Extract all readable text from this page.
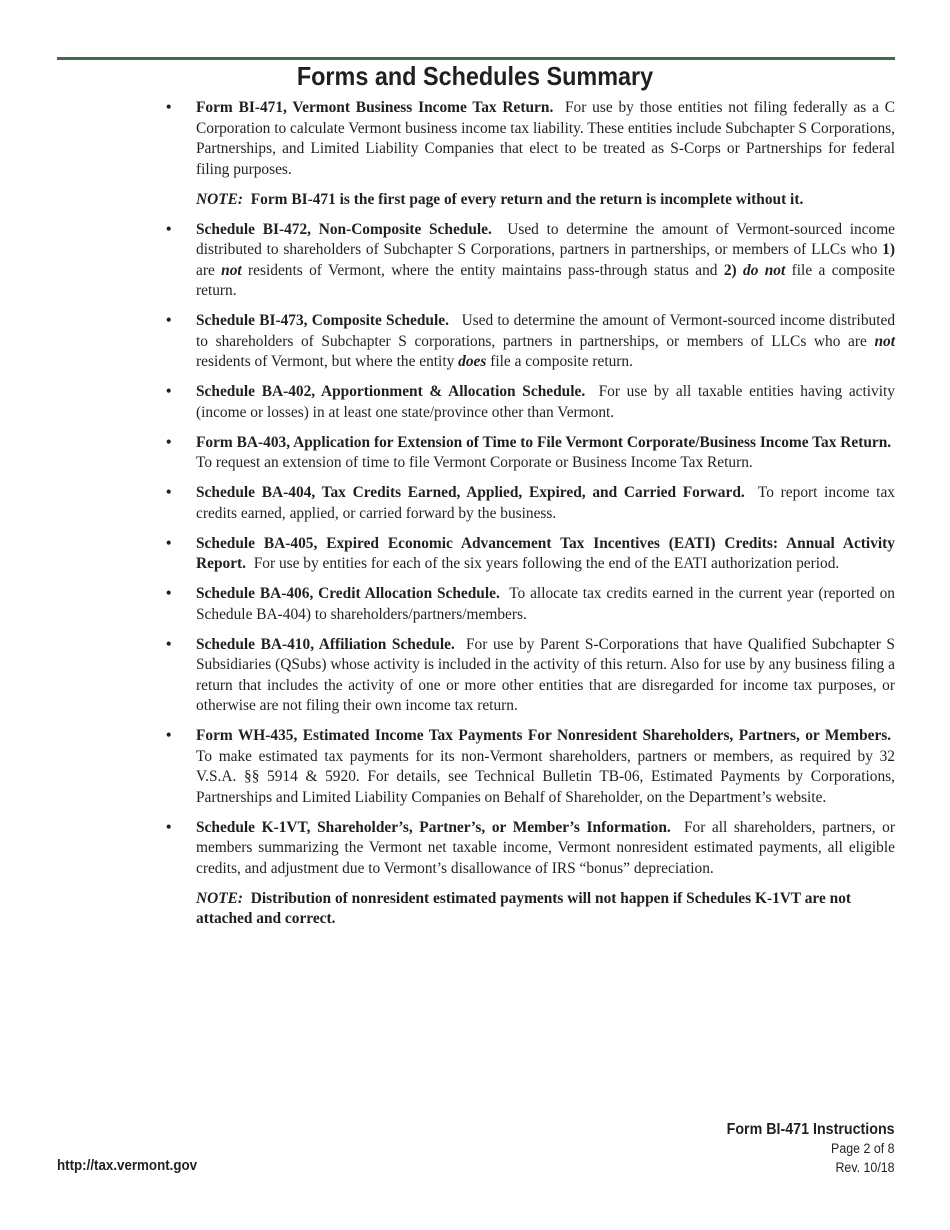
Forms and Schedules Summary
• Form BI-471, Vermont Business Income Tax Return. For use by those entities not filing federally as a C Corporation to calculate Vermont business income tax liability. These entities include Subchapter S Corporations, Partnerships, and Limited Liability Companies that elect to be treated as S-Corps or Partnerships for federal filing purposes.
NOTE: Form BI-471 is the first page of every return and the return is incomplete without it.
• Schedule BI-472, Non-Composite Schedule. Used to determine the amount of Vermont-sourced income distributed to shareholders of Subchapter S Corporations, partners in partnerships, or members of LLCs who 1) are not residents of Vermont, where the entity maintains pass-through status and 2) do not file a composite return.
• Schedule BI-473, Composite Schedule. Used to determine the amount of Vermont-sourced income distributed to shareholders of Subchapter S corporations, partners in partnerships, or members of LLCs who are not residents of Vermont, but where the entity does file a composite return.
• Schedule BA-402, Apportionment & Allocation Schedule. For use by all taxable entities having activity (income or losses) in at least one state/province other than Vermont.
• Form BA-403, Application for Extension of Time to File Vermont Corporate/Business Income Tax Return.  To request an extension of time to file Vermont Corporate or Business Income Tax Return.
• Schedule BA-404, Tax Credits Earned, Applied, Expired, and Carried Forward. To report income tax credits earned, applied, or carried forward by the business.
• Schedule BA-405, Expired Economic Advancement Tax Incentives (EATI) Credits: Annual Activity Report. For use by entities for each of the six years following the end of the EATI authorization period.
• Schedule BA-406, Credit Allocation Schedule. To allocate tax credits earned in the current year (reported on Schedule BA-404) to shareholders/partners/members.
• Schedule BA-410, Affiliation Schedule. For use by Parent S-Corporations that have Qualified Subchapter S Subsidiaries (QSubs) whose activity is included in the activity of this return. Also for use by any business filing a return that includes the activity of one or more other entities that are disregarded for income tax purposes, or otherwise are not filing their own income tax return.
• Form WH-435, Estimated Income Tax Payments For Nonresident Shareholders, Partners, or Members.  To make estimated tax payments for its non-Vermont shareholders, partners or members, as required by 32 V.S.A. §§ 5914 & 5920. For details, see Technical Bulletin TB-06, Estimated Payments by Corporations, Partnerships and Limited Liability Companies on Behalf of Shareholder, on the Department’s website.
• Schedule K-1VT, Shareholder’s, Partner’s, or Member’s Information. For all shareholders, partners, or members summarizing the Vermont net taxable income, Vermont nonresident estimated payments, all eligible credits, and adjustment due to Vermont’s disallowance of IRS “bonus” depreciation.
NOTE: Distribution of nonresident estimated payments will not happen if Schedules K-1VT are not attached and correct.
http://tax.vermont.gov
Form BI-471 Instructions
Page 2 of 8
Rev. 10/18
